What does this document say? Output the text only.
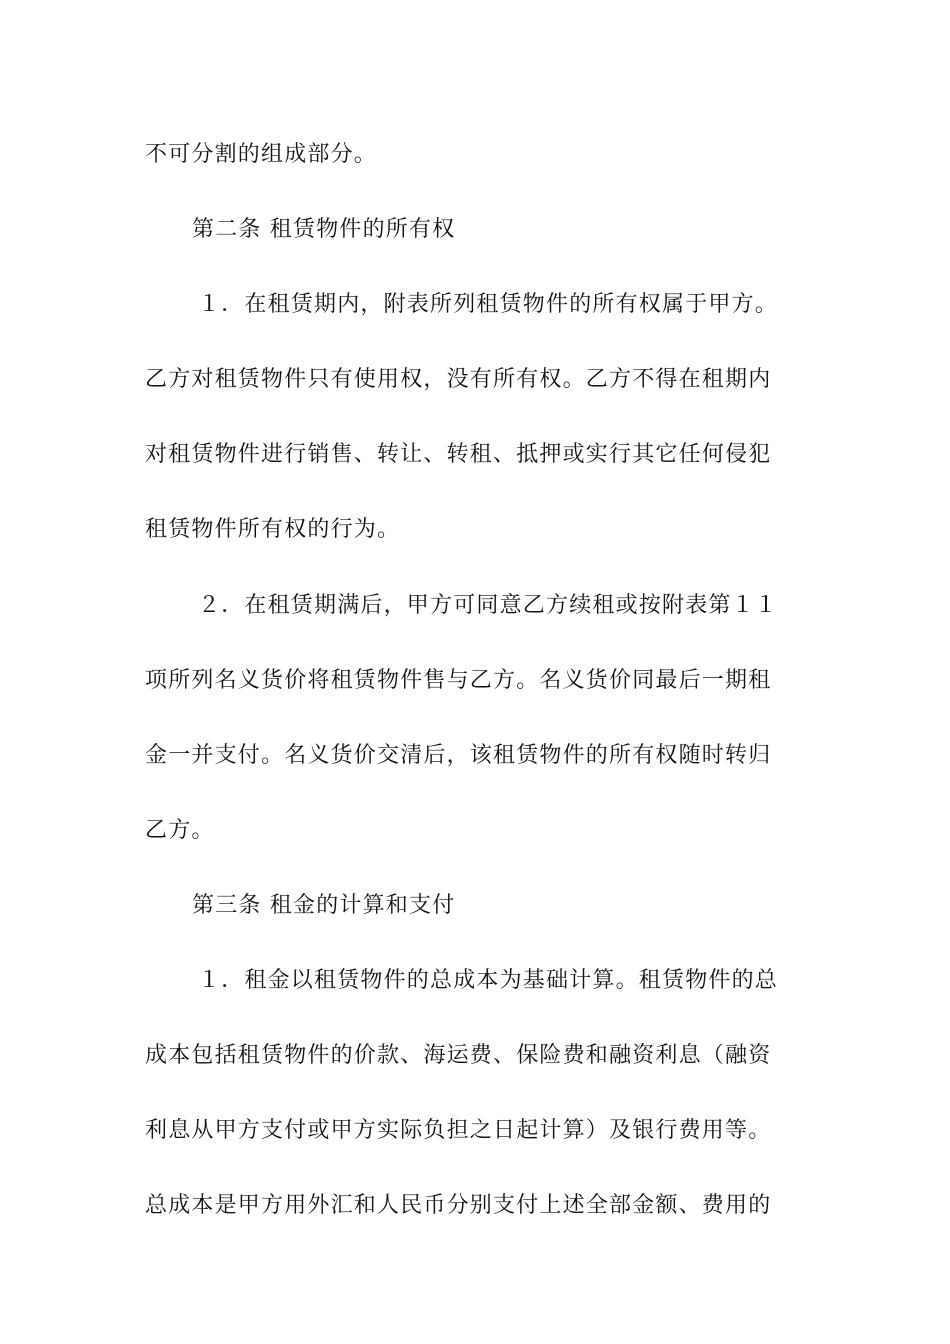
不可分割的组成部分。
第二条 租赁物件的所有权
１．在租赁期内，附表所列租赁物件的所有权属于甲方。
乙方对租赁物件只有使用权，没有所有权。乙方不得在租期内
对租赁物件进行销售、转让、转租、抵押或实行其它任何侵犯
租赁物件所有权的行为。
２．在租赁期满后，甲方可同意乙方续租或按附表第１１
项所列名义货价将租赁物件售与乙方。名义货价同最后一期租
金一并支付。名义货价交清后，该租赁物件的所有权随时转归
乙方。
第三条 租金的计算和支付
１．租金以租赁物件的总成本为基础计算。租赁物件的总
成本包括租赁物件的价款、海运费、保险费和融资利息（融资
利息从甲方支付或甲方实际负担之日起计算）及银行费用等。
总成本是甲方用外汇和人民币分别支付上述全部金额、费用的
